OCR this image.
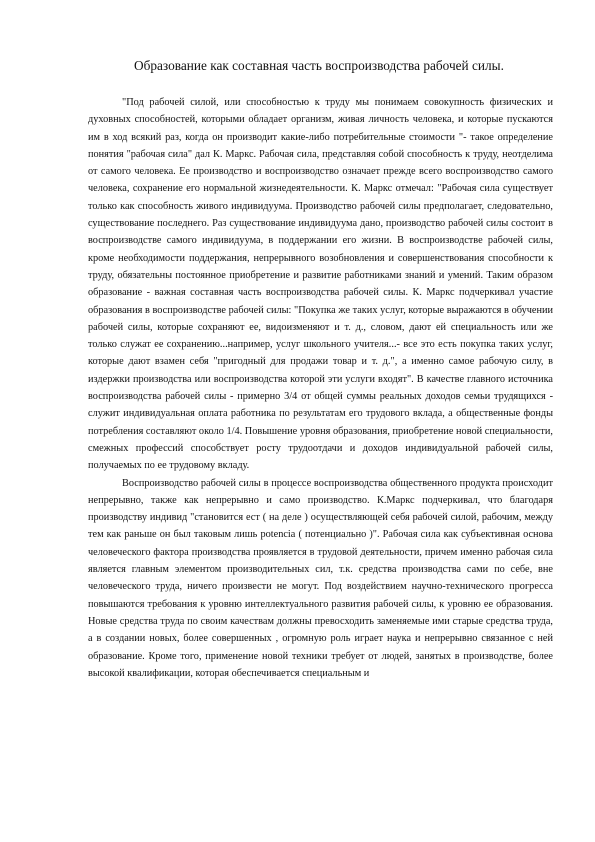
Образование как составная часть воспроизводства рабочей силы.

"Под рабочей силой, или способностью к труду мы понимаем совокупность физических и духовных способностей, которыми обладает организм, живая личность человека, и которые пускаются им в ход всякий раз, когда он производит какие-либо потребительные стоимости "- такое определение понятия "рабочая сила" дал К. Маркс. Рабочая сила, представляя собой способность к труду, неотделима от самого человека. Ее производство и воспроизводство означает прежде всего воспроизводство самого человека, сохранение его нормальной жизнедеятельности. К. Маркс отмечал: "Рабочая сила существует только как способность живого индивидуума. Производство рабочей силы предполагает, следовательно, существование последнего. Раз существование индивидуума дано, производство рабочей силы состоит в воспроизводстве самого индивидуума, в поддержании его жизни. В воспроизводстве рабочей силы, кроме необходимости поддержания, непрерывного возобновления и совершенствования способности к труду, обязательны постоянное приобретение и развитие работниками знаний и умений. Таким образом образование - важная составная часть воспроизводства рабочей силы. К. Маркс подчеркивал участие образования в воспроизводстве рабочей силы: "Покупка же таких услуг, которые выражаются в обучении рабочей силы, которые сохраняют ее, видоизменяют и т. д., словом, дают ей специальность или же только служат ее сохранению...например, услуг школьного учителя...- все это есть покупка таких услуг, которые дают взамен себя "пригодный для продажи товар и т. д.", а именно самое рабочую силу, в издержки производства или воспроизводства которой эти услуги входят". В качестве главного источника воспроизводства рабочей силы - примерно 3/4 от общей суммы реальных доходов семьи трудящихся - служит индивидуальная оплата работника по результатам его трудового вклада, а общественные фонды потребления составляют около 1/4. Повышение уровня образования, приобретение новой специальности, смежных профессий способствует росту трудоотдачи и доходов индивидуальной рабочей силы, получаемых по ее трудовому вкладу.

Воспроизводство рабочей силы в процессе воспроизводства общественного продукта происходит непрерывно, также как непрерывно и само производство. К.Маркс подчеркивал, что благодаря производству индивид "становится ест ( на деле ) осуществляющей себя рабочей силой, рабочим, между тем как раньше он был таковым лишь potencia ( потенциально )". Рабочая сила как субъективная основа человеческого фактора производства проявляется в трудовой деятельности, причем именно рабочая сила является главным элементом производительных сил, т.к. средства производства сами по себе, вне человеческого труда, ничего произвести не могут. Под воздействием научно-технического прогресса повышаются требования к уровню интеллектуального развития рабочей силы, к уровню ее образования. Новые средства труда по своим качествам должны превосходить заменяемые ими старые средства труда, а в создании новых, более совершенных , огромную роль играет наука и непрерывно связанное с ней образование. Кроме того, применение новой техники требует от людей, занятых в производстве, более высокой квалификации, которая обеспечивается специальным и
